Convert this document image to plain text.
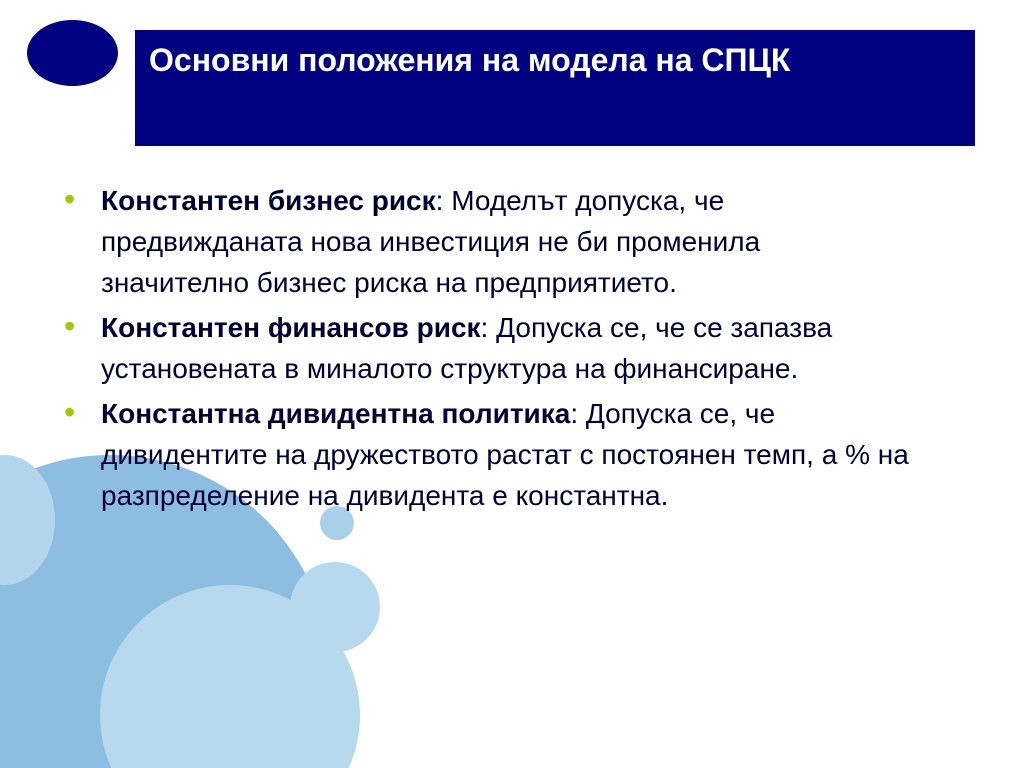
Основни положения на модела на СПЦК
• Константен бизнес риск: Моделът допуска, че предвижданата нова инвестиция не би променила значително бизнес риска на предприятието.
• Константен финансов риск: Допуска се, че се запазва установената в миналото структура на финансиране.
• Константна дивидентна политика: Допуска се, че дивидентите на дружеството растат с постоянен темп, а % на разпределение на дивидента е константна.
